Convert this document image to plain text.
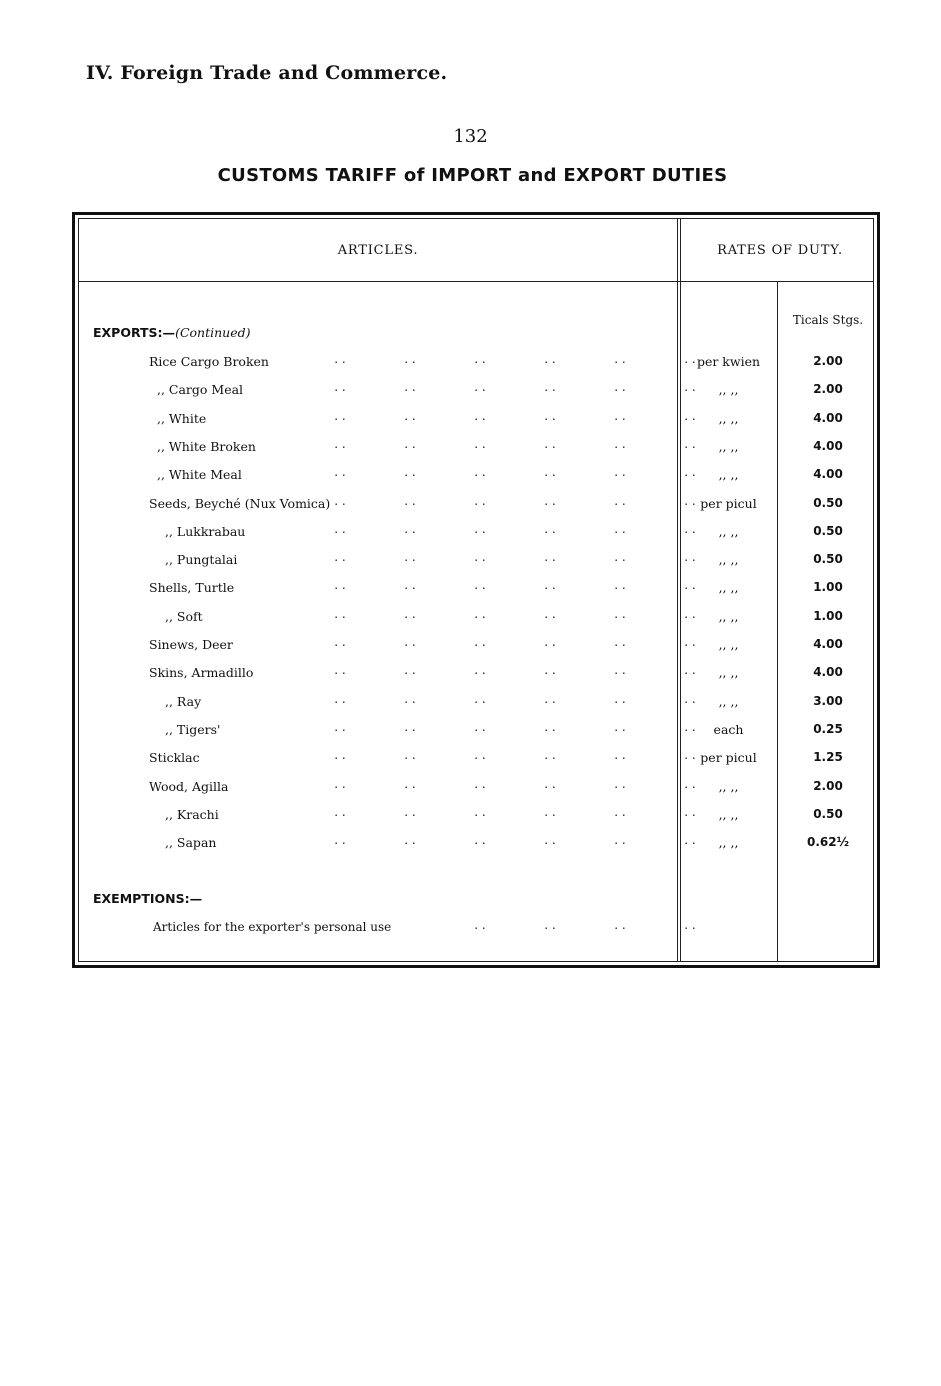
IV. Foreign Trade and Commerce.
132
CUSTOMS TARIFF of IMPORT and EXPORT DUTIES
ARTICLES.	RATES OF DUTY.
Ticals Stgs.
EXPORTS:—(Continued)
Rice Cargo Broken	. .	. .	. .	. .	. .	. . per kwien	2.00
,, Cargo Meal	. .	. .	. .	. .	. .	. .	,, ,,	2.00
,, White	. .	. .	. .	. .	. .	. .	,, ,,	4.00
,, White Broken	. .	. .	. .	. .	. .	. .	,, ,,	4.00
,, White Meal	. .	. .	. .	. .	. .	. .	,, ,,	4.00
Seeds, Beyché (Nux Vomica) . .	. .	. .	. .	. .	. . per picul	0.50
,, Lukkrabau	. .	. .	. .	. .	. .	. .	,, ,,	0.50
,, Pungtalai	. .	. .	. .	. .	. .	. .	,, ,,	0.50
Shells, Turtle	. .	. .	. .	. .	. .	. .	,, ,,	1.00
,, Soft	. .	. .	. .	. .	. .	. .	,, ,,	1.00
Sinews, Deer	. .	. .	. .	. .	. .	. .	,, ,,	4.00
Skins, Armadillo	. .	. .	. .	. .	. .	. .	,, ,,	4.00
,, Ray	. .	. .	. .	. .	. .	. .	,, ,,	3.00
,, Tigers'	. .	. .	. .	. .	. .	. .	each	0.25
Sticklac	. .	. .	. .	. .	. .	. . per picul	1.25
Wood, Agilla	. .	. .	. .	. .	. .	. .	,, ,,	2.00
,, Krachi	. .	. .	. .	. .	. .	. .	,, ,,	0.50
,, Sapan	. .	. .	. .	. .	. .	. .	,, ,,	0.62½
EXEMPTIONS:—
Articles for the exporter's personal use	. .	. .	. .	. .
